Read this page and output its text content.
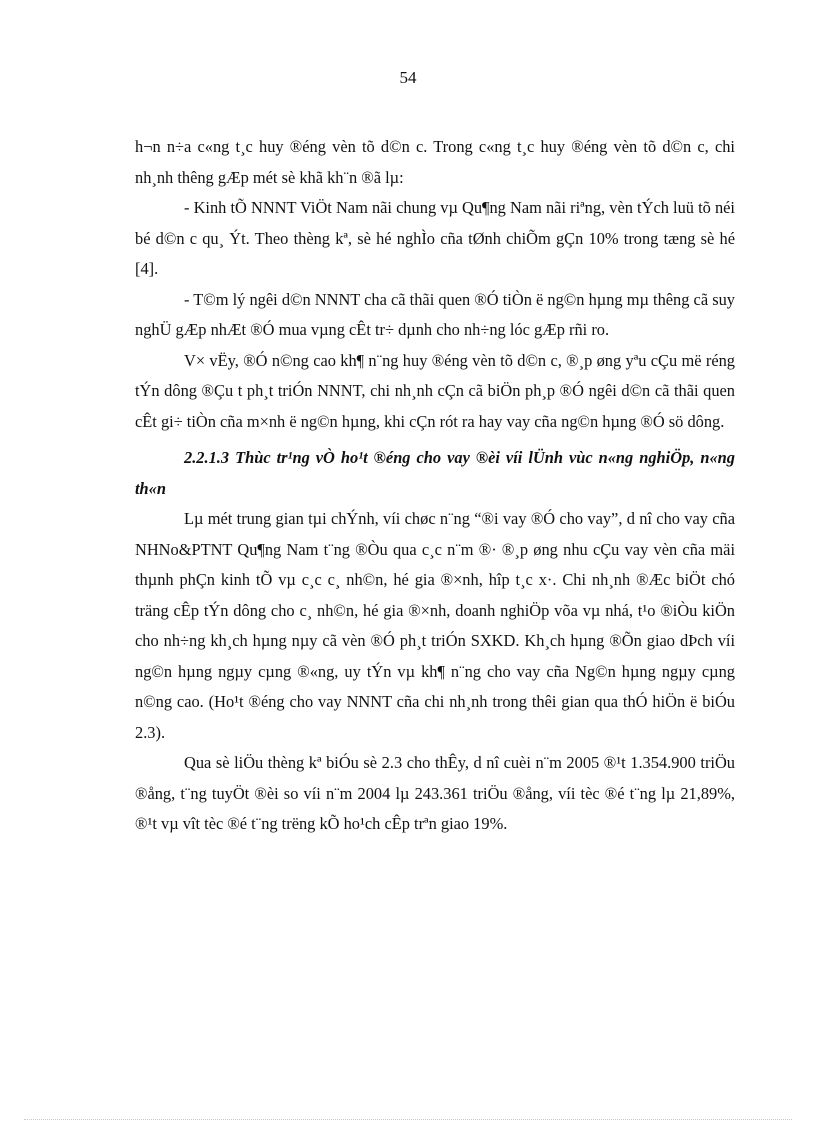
54

h¬n n÷a c«ng t¸c huy ®éng vèn tõ d©n c. Trong c«ng t¸c huy ®éng vèn tõ d©n c, chi nh¸nh thêng gÆp mét sè khã kh¨n ®ã lµ:

- Kinh tÕ NNNT ViÖt Nam nãi chung vµ Qu¶ng Nam nãi riªng, vèn tÝch luü tõ néi bé d©n c qu¸ Ýt. Theo thèng kª, sè hé nghÌo cña tØnh chiÕm gÇn 10% trong tæng sè hé [4].

- T©m lý ngêi d©n NNNT cha cã thãi quen ®Ó tiÒn ë ng©n hµng mµ thêng cã suy nghÜ gÆp nhÆt ®Ó mua vµng cÊt tr÷ dµnh cho nh÷ng lóc gÆp rñi ro.

V× vËy, ®Ó n©ng cao kh¶ n¨ng huy ®éng vèn tõ d©n c, ®¸p øng yªu cÇu më réng tÝn dông ®Çu t ph¸t triÓn NNNT, chi nh¸nh cÇn cã biÖn ph¸p ®Ó ngêi d©n cã thãi quen cÊt gi÷ tiÒn cña m×nh ë ng©n hµng, khi cÇn rót ra hay vay cña ng©n hµng ®Ó sö dông.

2.2.1.3 Thùc tr¹ng vÒ ho¹t ®éng cho vay ®èi víi lÜnh vùc n«ng nghiÖp, n«ng th«n

Lµ mét trung gian tµi chÝnh, víi chøc n¨ng “®i vay ®Ó cho vay”, d nî cho vay cña NHNo&PTNT Qu¶ng Nam t¨ng ®Òu qua c¸c n¨m ®· ®¸p øng nhu cÇu vay vèn cña mäi thµnh phÇn kinh tÕ vµ c¸c c¸ nh©n, hé gia ®×nh, hîp t¸c x·. Chi nh¸nh ®Æc biÖt chó träng cÊp tÝn dông cho c¸ nh©n, hé gia ®×nh, doanh nghiÖp võa vµ nhá, t¹o ®iÒu kiÖn cho nh÷ng kh¸ch hµng nµy cã vèn ®Ó ph¸t triÓn SXKD. Kh¸ch hµng ®Õn giao dÞch víi ng©n hµng ngµy cµng ®«ng, uy tÝn vµ kh¶ n¨ng cho vay cña Ng©n hµng ngµy cµng n©ng cao. (Ho¹t ®éng cho vay NNNT cña chi nh¸nh trong thêi gian qua thÓ hiÖn ë biÓu 2.3).

Qua sè liÖu thèng kª biÓu sè 2.3 cho thÊy, d nî cuèi n¨m 2005 ®¹t 1.354.900 triÖu ®ång, t¨ng tuyÖt ®èi so víi n¨m 2004 lµ 243.361 triÖu ®ång, víi tèc ®é t¨ng lµ 21,89%, ®¹t vµ vît tèc ®é t¨ng trëng kÕ ho¹ch cÊp trªn giao 19%.
